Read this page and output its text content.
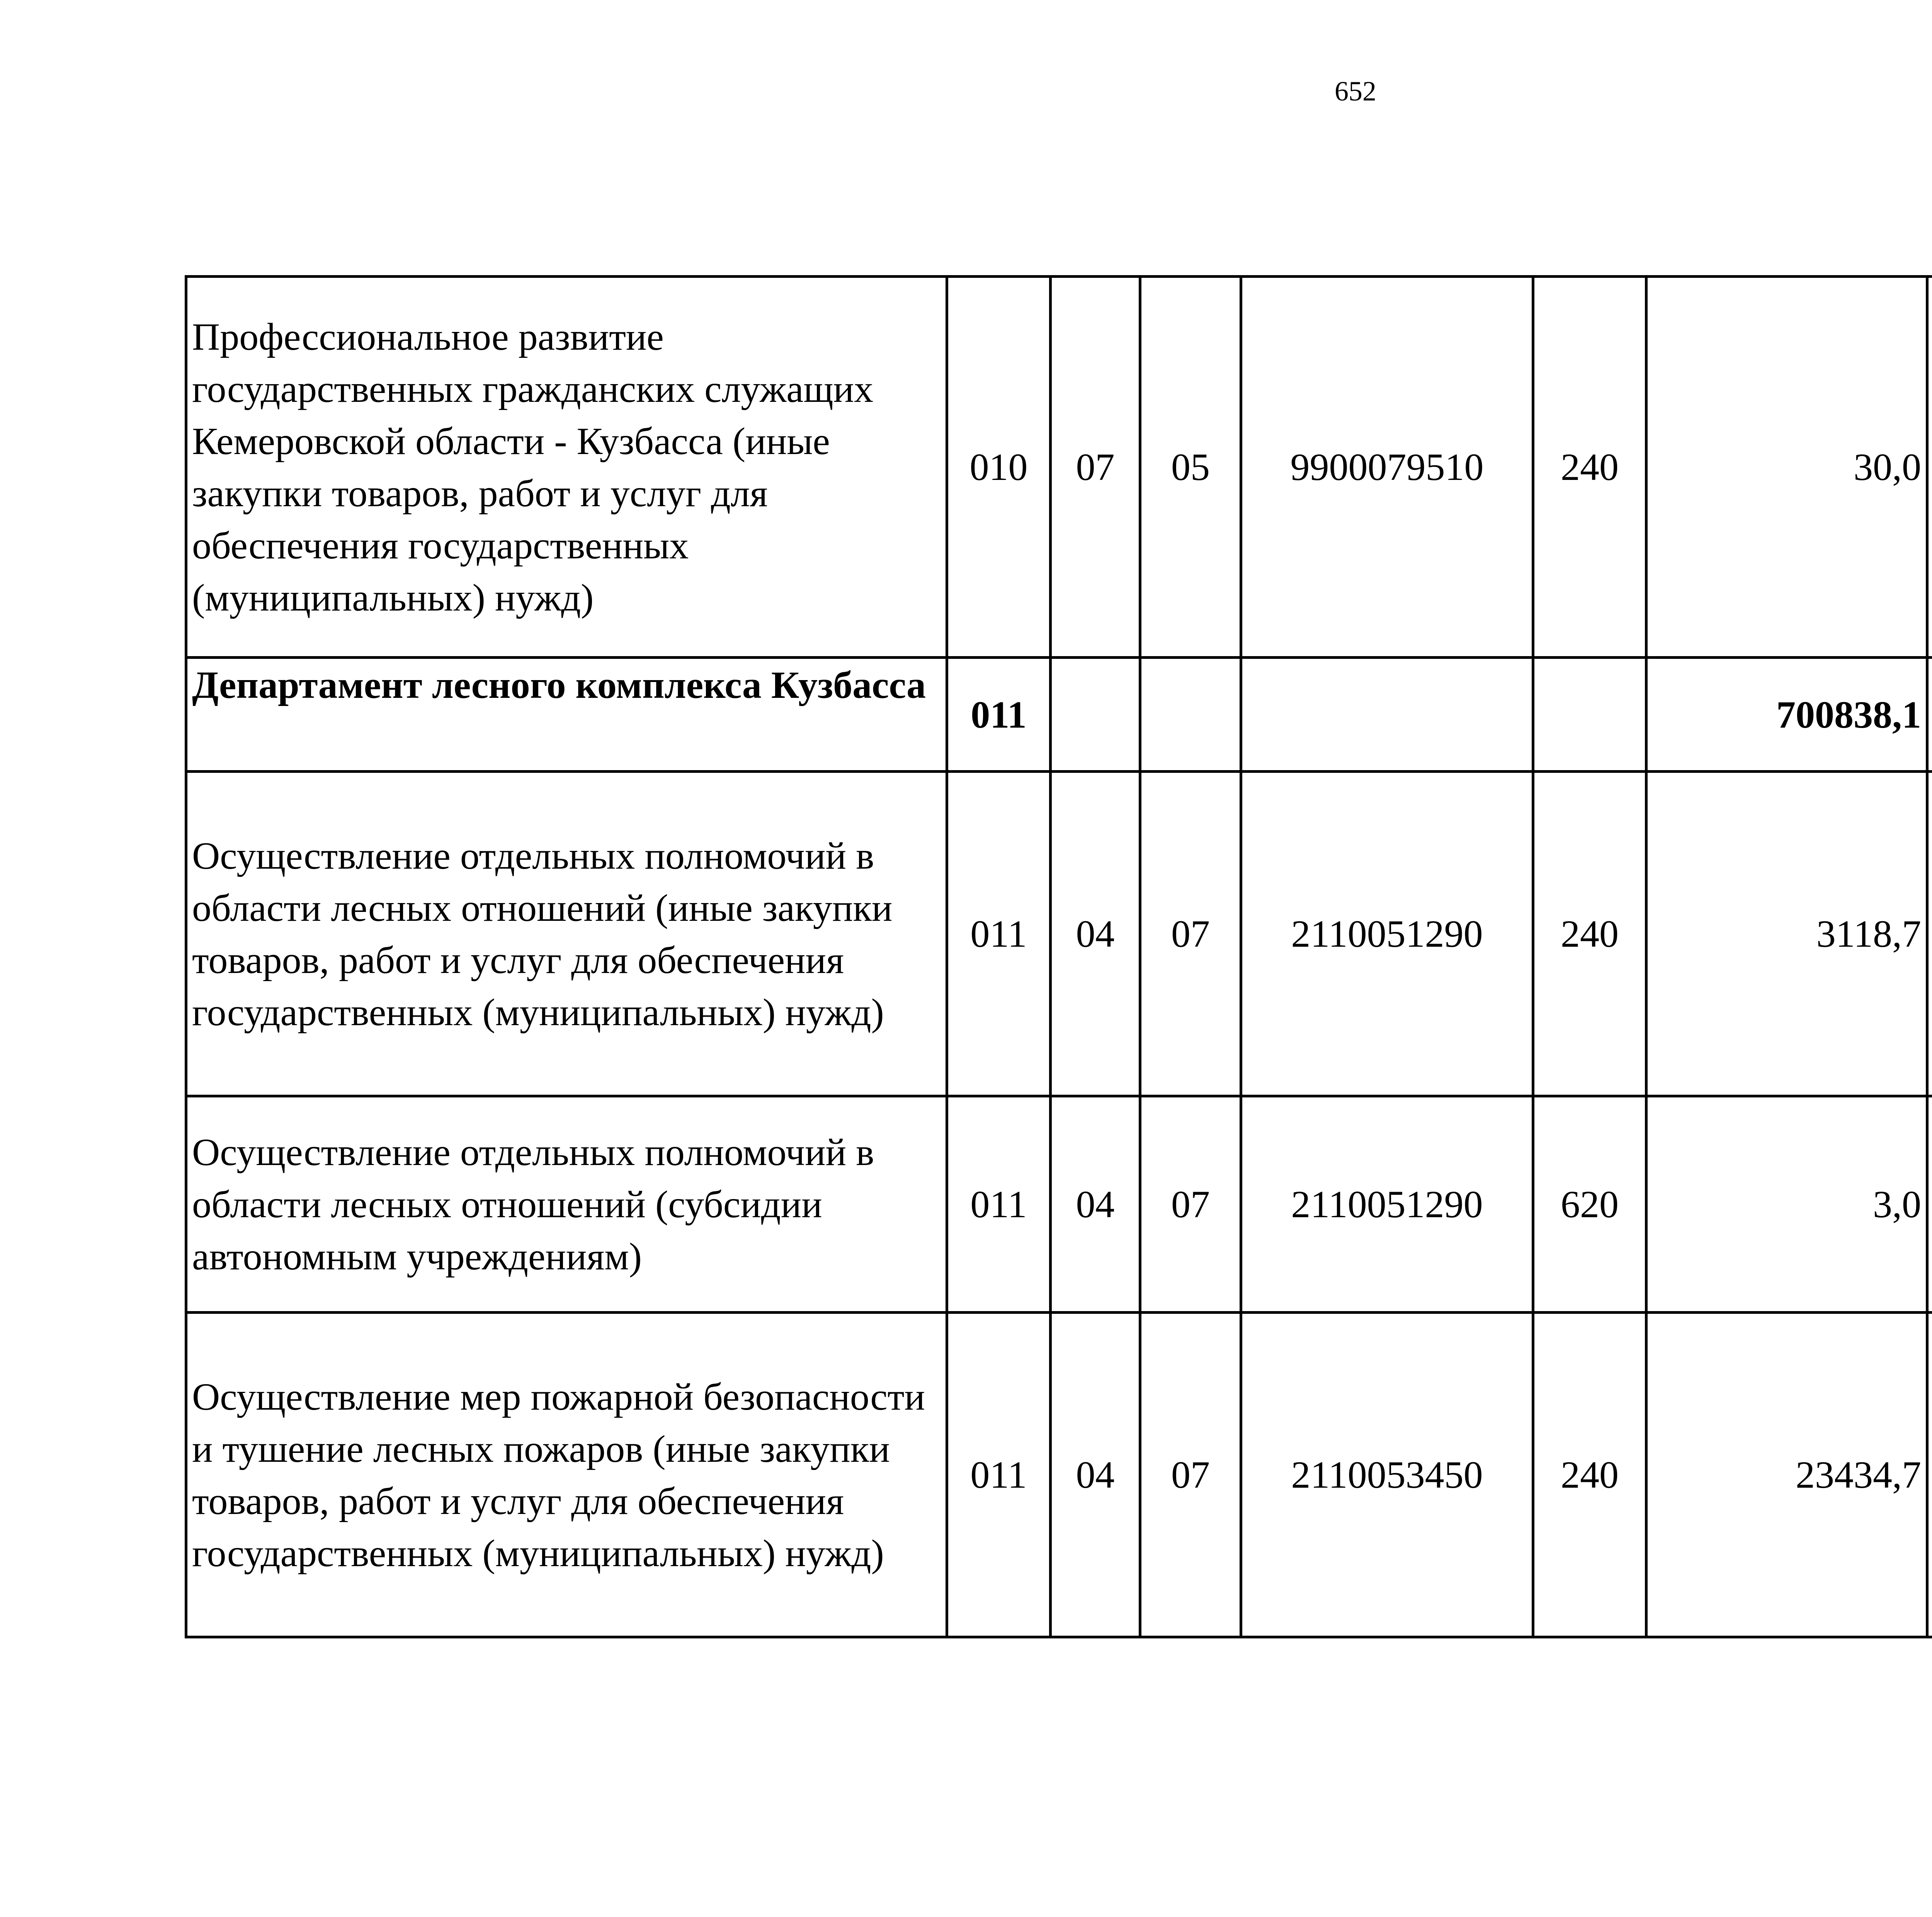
652
Профессиональное развитие государственных гражданских служащих Кемеровской области - Кузбасса (иные закупки товаров, работ и услуг для обеспечения государственных (муниципальных) нужд)	010	07	05	9900079510	240	30,0		
Департамент лесного комплекса Кузбасса	011					700838,1		
Осуществление отдельных полномочий в области лесных отношений (иные закупки товаров, работ и услуг для обеспечения государственных (муниципальных) нужд)	011	04	07	2110051290	240	3118,7		
Осуществление отдельных полномочий в области лесных отношений (субсидии автономным учреждениям)	011	04	07	2110051290	620	3,0		
Осуществление мер пожарной безопасности и тушение лесных пожаров (иные закупки товаров, работ и услуг для обеспечения государственных (муниципальных) нужд)	011	04	07	2110053450	240	23434,7		
